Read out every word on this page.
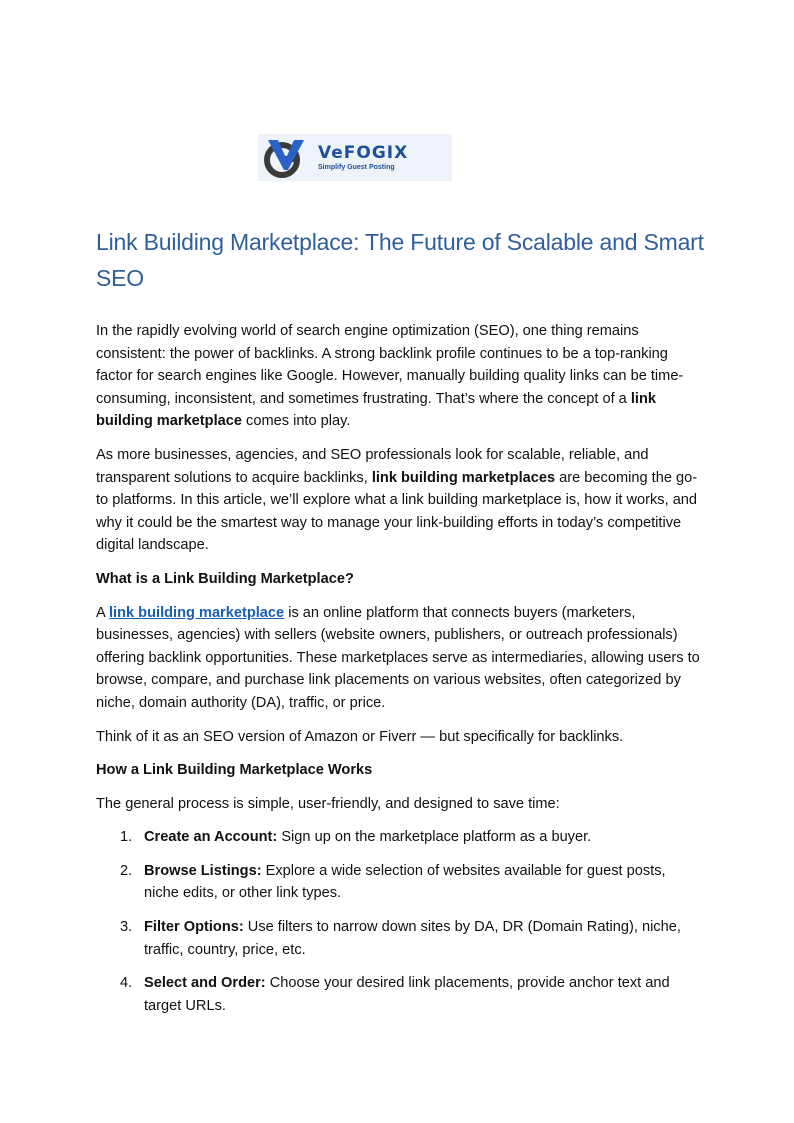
VeFOGIX
Simplify Guest Posting
Link Building Marketplace: The Future of Scalable and Smart SEO

In the rapidly evolving world of search engine optimization (SEO), one thing remains consistent: the power of backlinks. A strong backlink profile continues to be a top-ranking factor for search engines like Google. However, manually building quality links can be time-consuming, inconsistent, and sometimes frustrating. That’s where the concept of a link building marketplace comes into play.

As more businesses, agencies, and SEO professionals look for scalable, reliable, and transparent solutions to acquire backlinks, link building marketplaces are becoming the go-to platforms. In this article, we’ll explore what a link building marketplace is, how it works, and why it could be the smartest way to manage your link-building efforts in today’s competitive digital landscape.

What is a Link Building Marketplace?

A link building marketplace is an online platform that connects buyers (marketers, businesses, agencies) with sellers (website owners, publishers, or outreach professionals) offering backlink opportunities. These marketplaces serve as intermediaries, allowing users to browse, compare, and purchase link placements on various websites, often categorized by niche, domain authority (DA), traffic, or price.

Think of it as an SEO version of Amazon or Fiverr — but specifically for backlinks.

How a Link Building Marketplace Works

The general process is simple, user-friendly, and designed to save time:

1. Create an Account: Sign up on the marketplace platform as a buyer.
2. Browse Listings: Explore a wide selection of websites available for guest posts, niche edits, or other link types.
3. Filter Options: Use filters to narrow down sites by DA, DR (Domain Rating), niche, traffic, country, price, etc.
4. Select and Order: Choose your desired link placements, provide anchor text and target URLs.
